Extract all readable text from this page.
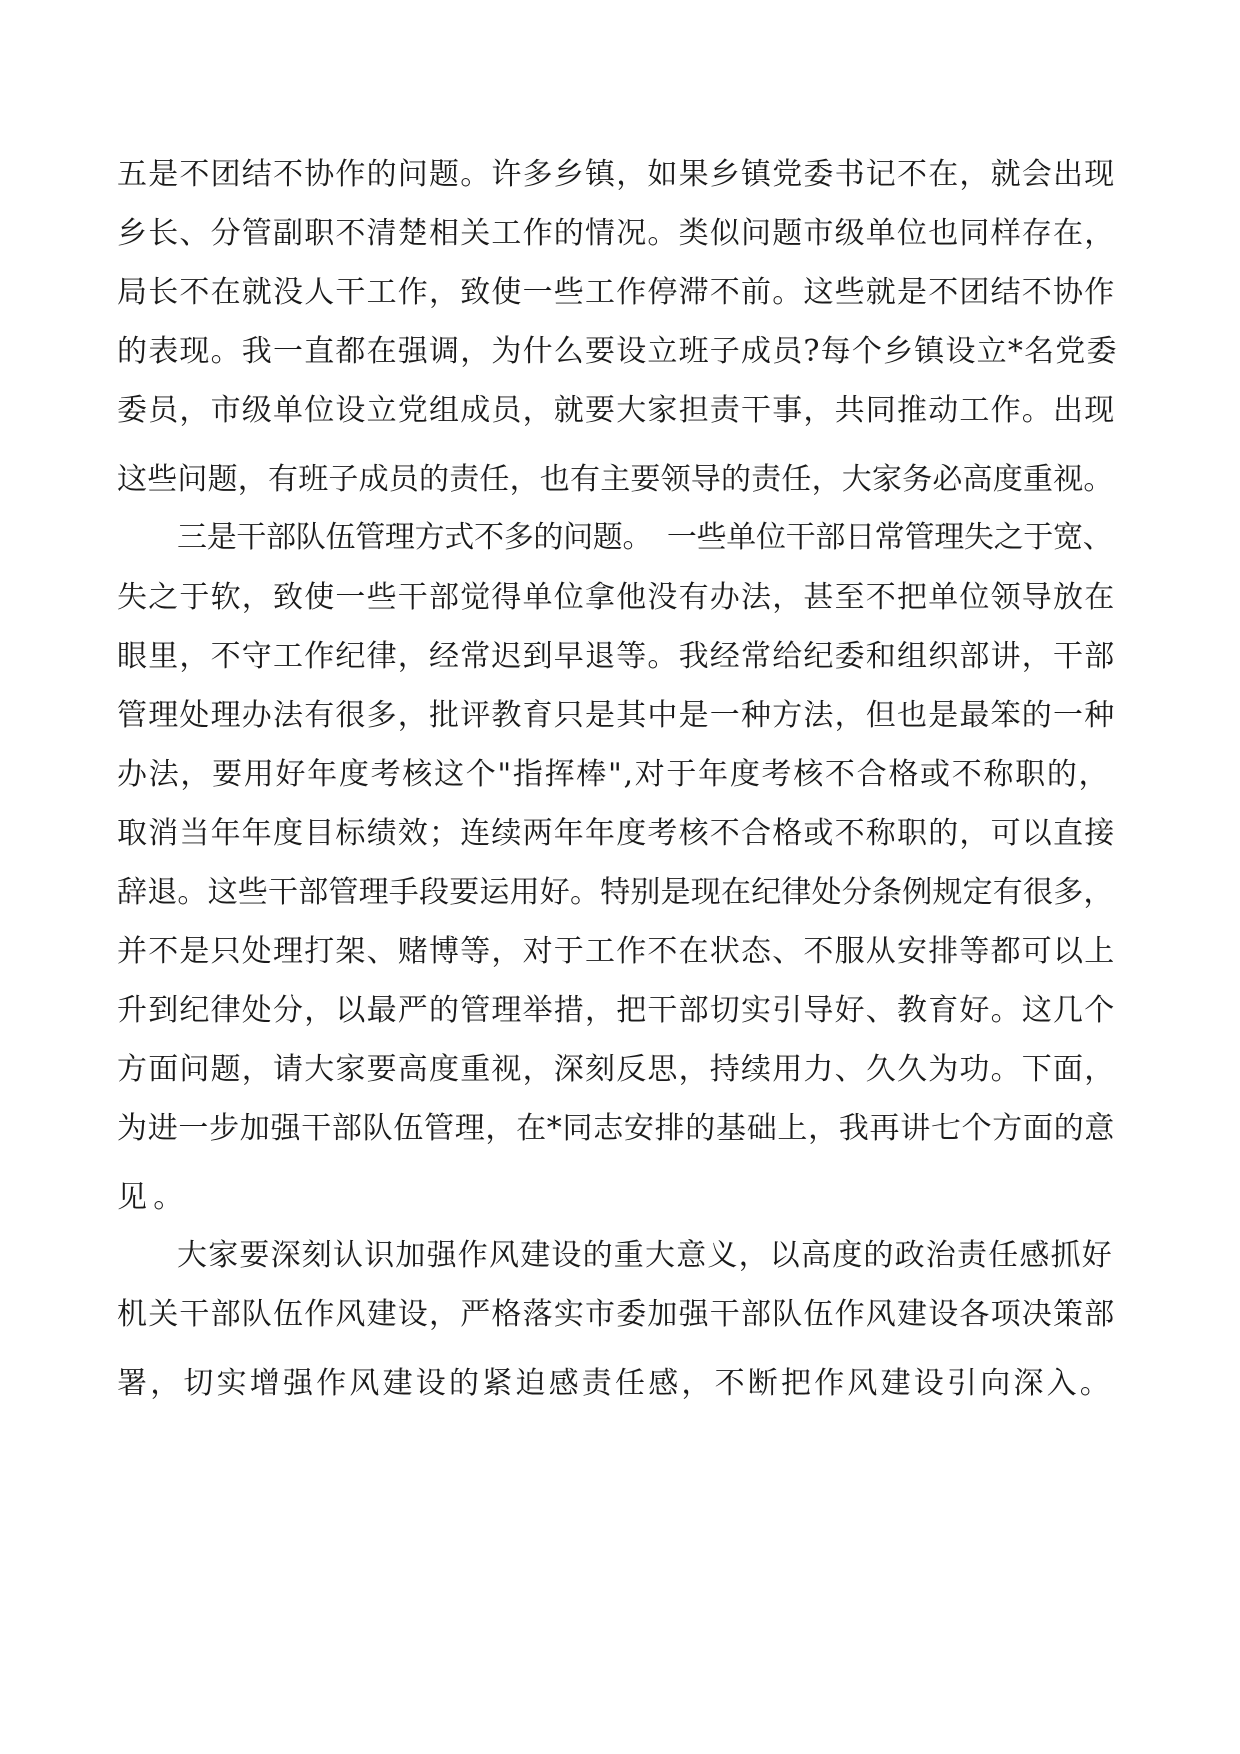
五是不团结不协作的问题。许多乡镇，如果乡镇党委书记不在，就会出现
乡长、分管副职不清楚相关工作的情况。类似问题市级单位也同样存在，
局长不在就没人干工作，致使一些工作停滞不前。这些就是不团结不协作
的表现。我一直都在强调，为什么要设立班子成员?每个乡镇设立*名党委
委员，市级单位设立党组成员，就要大家担责干事，共同推动工作。出现
这些问题，有班子成员的责任，也有主要领导的责任，大家务必高度重视。
三是干部队伍管理方式不多的问题。　一些单位干部日常管理失之于宽、
失之于软，致使一些干部觉得单位拿他没有办法，甚至不把单位领导放在
眼里，不守工作纪律，经常迟到早退等。我经常给纪委和组织部讲，干部
管理处理办法有很多，批评教育只是其中是一种方法，但也是最笨的一种
办法，要用好年度考核这个"指挥棒",对于年度考核不合格或不称职的，
取消当年年度目标绩效；连续两年年度考核不合格或不称职的，可以直接
辞退。这些干部管理手段要运用好。特别是现在纪律处分条例规定有很多，
并不是只处理打架、赌博等，对于工作不在状态、不服从安排等都可以上
升到纪律处分，以最严的管理举措，把干部切实引导好、教育好。这几个
方面问题，请大家要高度重视，深刻反思，持续用力、久久为功。下面，
为进一步加强干部队伍管理，在*同志安排的基础上，我再讲七个方面的意
见。
大家要深刻认识加强作风建设的重大意义，以高度的政治责任感抓好
机关干部队伍作风建设，严格落实市委加强干部队伍作风建设各项决策部
署，切实增强作风建设的紧迫感责任感，不断把作风建设引向深入。
